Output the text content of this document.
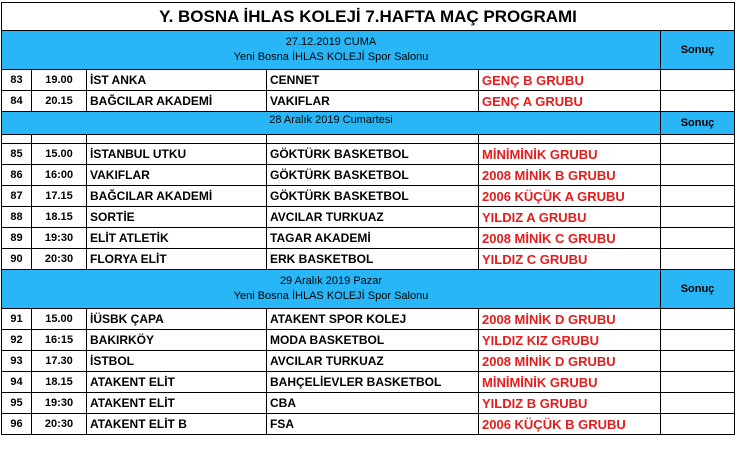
Y. BOSNA İHLAS KOLEJİ 7.HAFTA MAÇ PROGRAMI					

27.12.2019 CUMA
Yeni Bosna İHLAS KOLEJİ Spor Salonu					Sonuç
83	19.00	İST ANKA	CENNET	GENÇ B GRUBU	
84	20.15	BAĞCILAR AKADEMİ	VAKIFLAR	GENÇ A GRUBU	

28 Aralık 2019 Cumartesi					Sonuç

85	15.00	İSTANBUL UTKU	GÖKTÜRK BASKETBOL	MİNİMİNİK GRUBU	
86	16:00	VAKIFLAR	GÖKTÜRK BASKETBOL	2008 MİNİK B GRUBU	
87	17.15	BAĞCILAR AKADEMİ	GÖKTÜRK BASKETBOL	2006 KÜÇÜK A GRUBU	
88	18.15	SORTİE	AVCILAR TURKUAZ	YILDIZ A GRUBU	
89	19:30	ELİT ATLETİK	TAGAR AKADEMİ	2008 MİNİK C GRUBU	
90	20:30	FLORYA ELİT	ERK BASKETBOL	YILDIZ C GRUBU	

29 Aralık 2019 Pazar
Yeni Bosna İHLAS KOLEJİ Spor Salonu					Sonuç
91	15.00	İÜSBK ÇAPA	ATAKENT SPOR KOLEJ	2008 MİNİK D GRUBU	
92	16:15	BAKIRKÖY	MODA BASKETBOL	YILDIZ KIZ GRUBU	
93	17.30	İSTBOL	AVCILAR TURKUAZ	2008 MİNİK D GRUBU	
94	18.15	ATAKENT ELİT	BAHÇELİEVLER BASKETBOL	MİNİMİNİK GRUBU	
95	19:30	ATAKENT ELİT	CBA	YILDIZ B GRUBU	
96	20:30	ATAKENT ELİT B	FSA	2006 KÜÇÜK B GRUBU	
